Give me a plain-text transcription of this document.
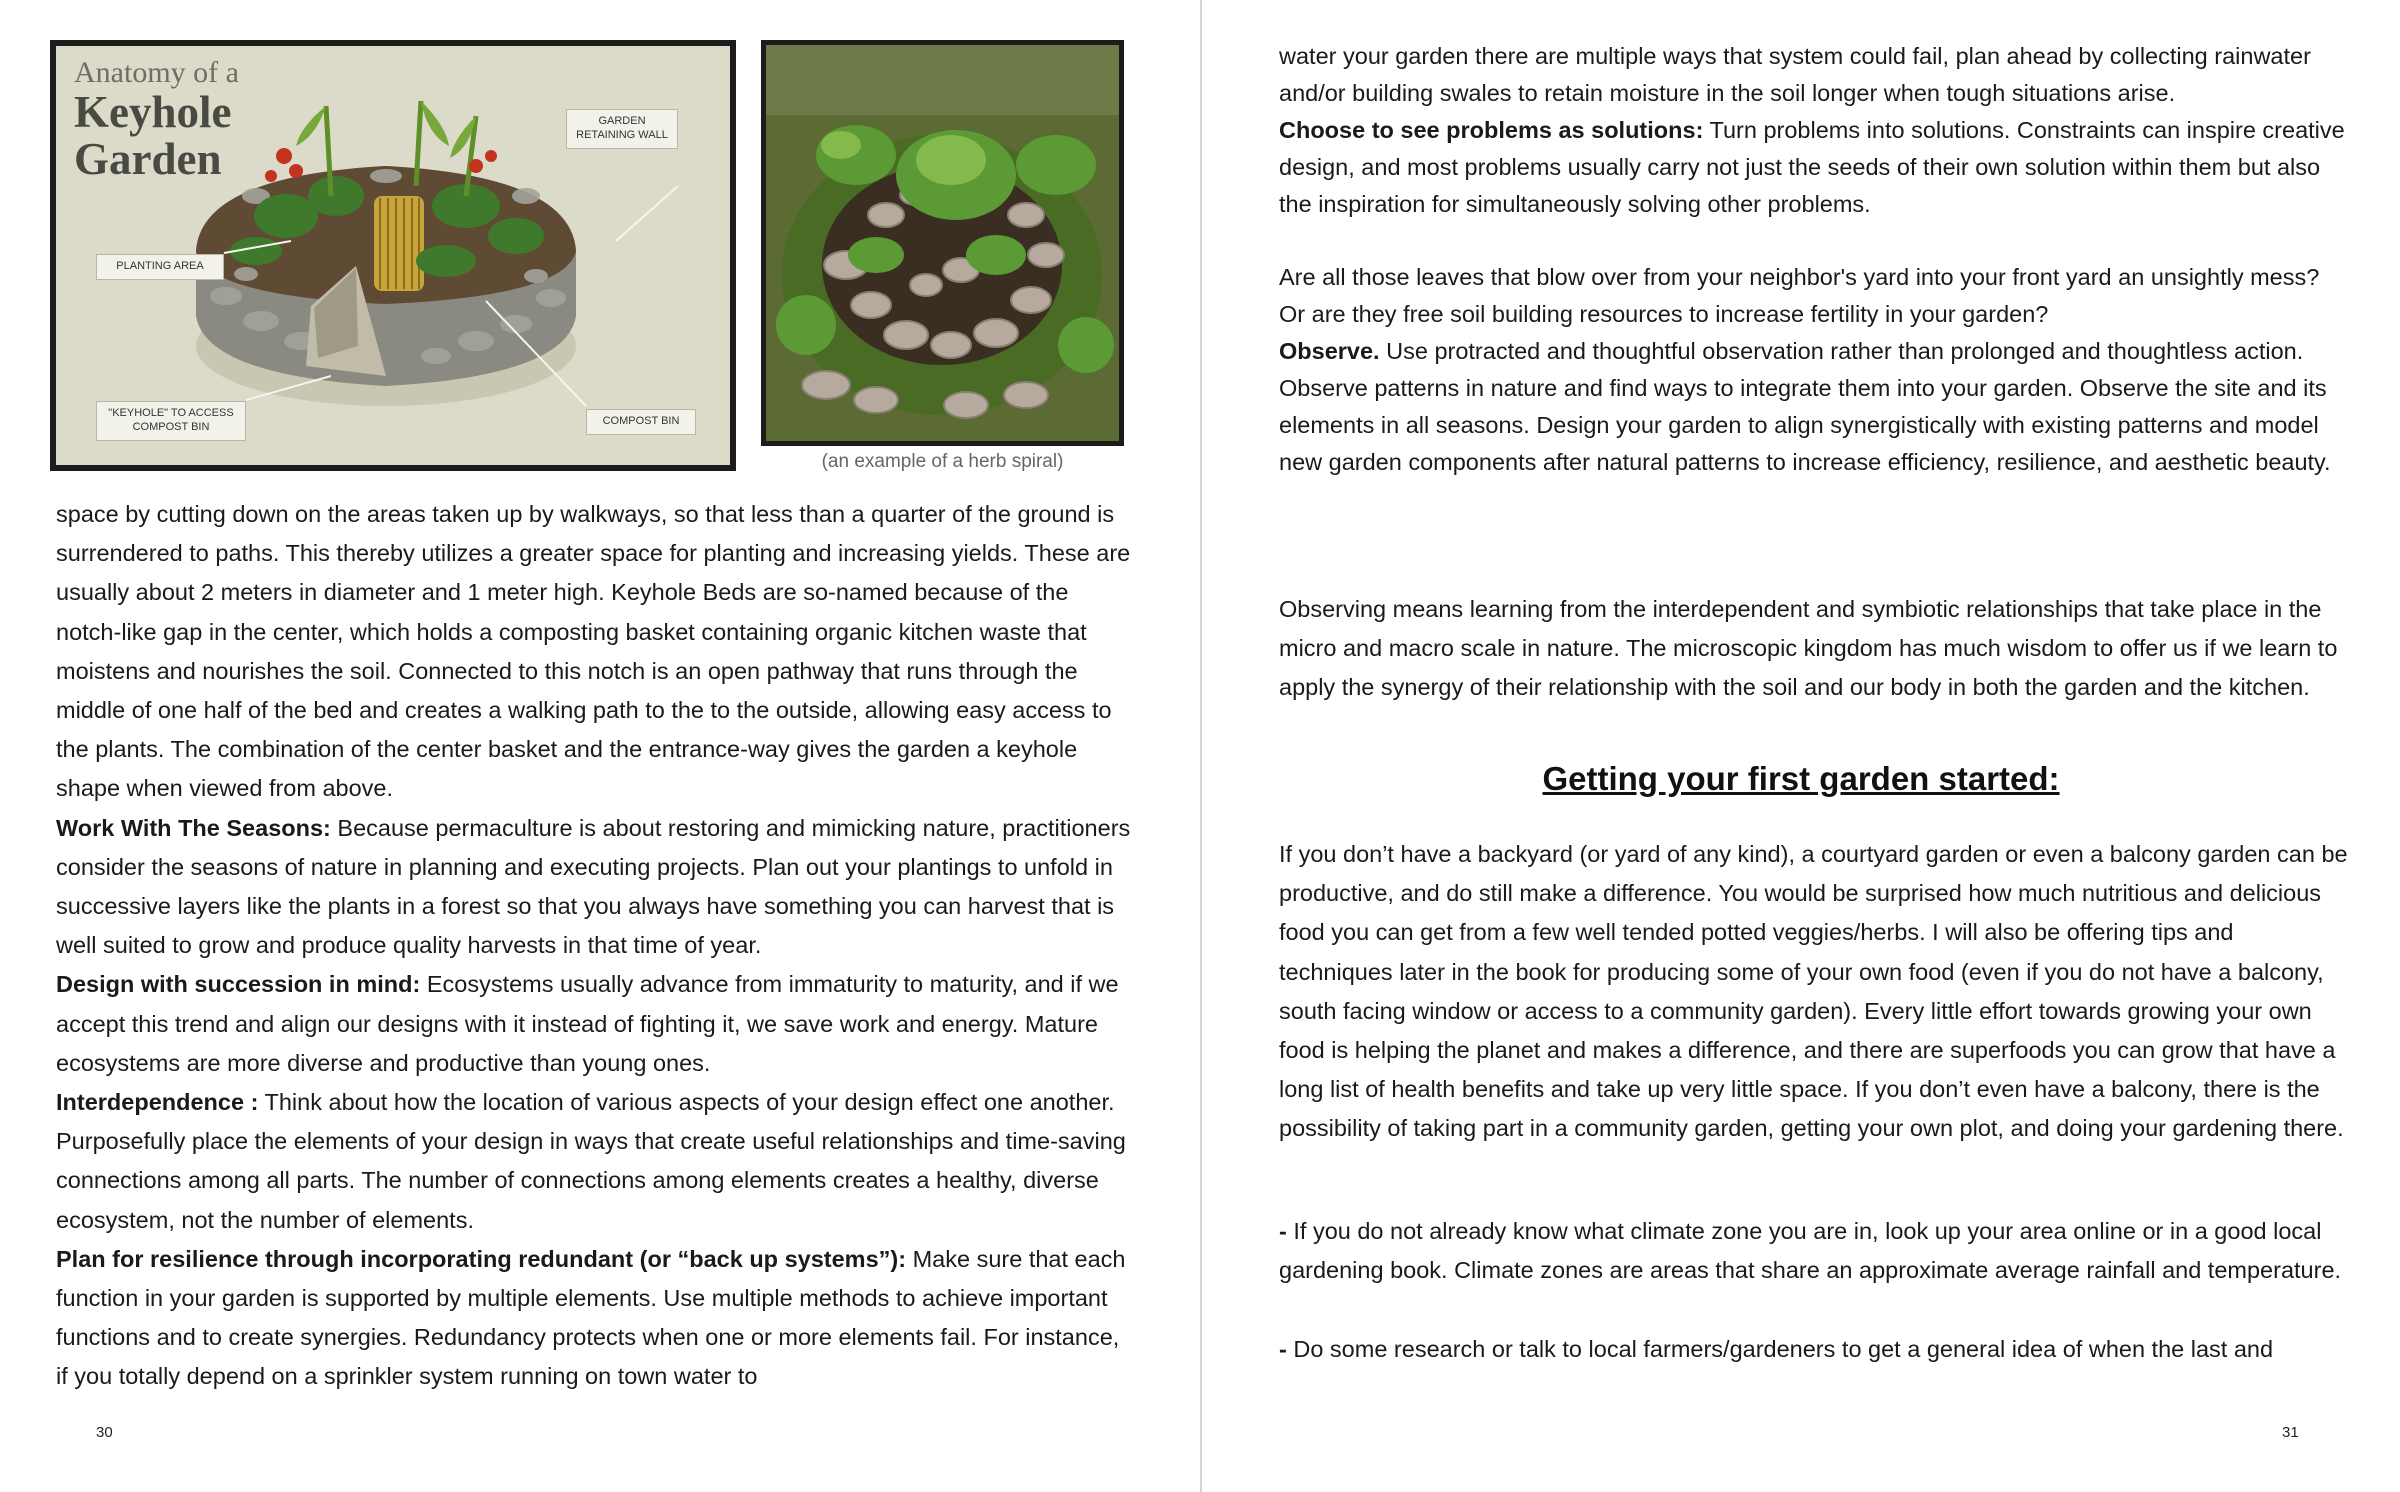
Anatomy of a
Keyhole
Garden
GARDEN
RETAINING WALL
PLANTING AREA
"KEYHOLE" TO ACCESS
COMPOST BIN	COMPOST BIN
(an example of a herb spiral)

space by cutting down on the areas taken up by walkways, so that less than a quarter of the ground is surrendered to paths. This thereby utilizes a greater space for planting and increasing yields. These are usually about 2 meters in diameter and 1 meter high. Keyhole Beds are so-named because of the notch-like gap in the center, which holds a composting basket containing organic kitchen waste that moistens and nourishes the soil. Connected to this notch is an open pathway that runs through the middle of one half of the bed and creates a walking path to the to the outside, allowing easy access to the plants. The combination of the center basket and the entrance-way gives the garden a keyhole shape when viewed from above.

Work With The Seasons: Because permaculture is about restoring and mimicking nature, practitioners consider the seasons of nature in planning and executing projects. Plan out your plantings to unfold in successive layers like the plants in a forest so that you always have something you can harvest that is well suited to grow and produce quality harvests in that time of year.

Design with succession in mind: Ecosystems usually advance from immaturity to maturity, and if we accept this trend and align our designs with it instead of fighting it, we save work and energy. Mature ecosystems are more diverse and productive than young ones.

Interdependence : Think about how the location of various aspects of your design effect one another. Purposefully place the elements of your design in ways that create useful relationships and time-saving connections among all parts. The number of connections among elements creates a healthy, diverse ecosystem, not the number of elements.

Plan for resilience through incorporating redundant (or “back up systems”): Make sure that each function in your garden is supported by multiple elements. Use multiple methods to achieve important functions and to create synergies. Redundancy protects when one or more elements fail. For instance, if you totally depend on a sprinkler system running on town water to

30

water your garden there are multiple ways that system could fail, plan ahead by collecting rainwater and/or building swales to retain moisture in the soil longer when tough situations arise.

Choose to see problems as solutions: Turn problems into solutions. Constraints can inspire creative design, and most problems usually carry not just the seeds of their own solution within them but also the inspiration for simultaneously solving other problems.

Are all those leaves that blow over from your neighbor's yard into your front yard an unsightly mess?

Or are they free soil building resources to increase fertility in your garden?

Observe. Use protracted and thoughtful observation rather than prolonged and thoughtless action. Observe patterns in nature and find ways to integrate them into your garden. Observe the site and its elements in all seasons. Design your garden to align synergistically with existing patterns and model new garden components after natural patterns to increase efficiency, resilience, and aesthetic beauty.

Observing means learning from the interdependent and symbiotic relationships that take place in the micro and macro scale in nature. The microscopic kingdom has much wisdom to offer us if we learn to apply the synergy of their relationship with the soil and our body in both the garden and the kitchen.

Getting your first garden started:

If you don’t have a backyard (or yard of any kind), a courtyard garden or even a balcony garden can be productive, and do still make a difference. You would be surprised how much nutritious and delicious food you can get from a few well tended potted veggies/herbs. I will also be offering tips and techniques later in the book for producing some of your own food (even if you do not have a balcony, south facing window or access to a community garden). Every little effort towards growing your own food is helping the planet and makes a difference, and there are superfoods you can grow that have a long list of health benefits and take up very little space. If you don’t even have a balcony, there is the possibility of taking part in a community garden, getting your own plot, and doing your gardening there.

- If you do not already know what climate zone you are in, look up your area online or in a good local gardening book. Climate zones are areas that share an approximate average rainfall and temperature.

- Do some research or talk to local farmers/gardeners to get a general idea of when the last and

31
